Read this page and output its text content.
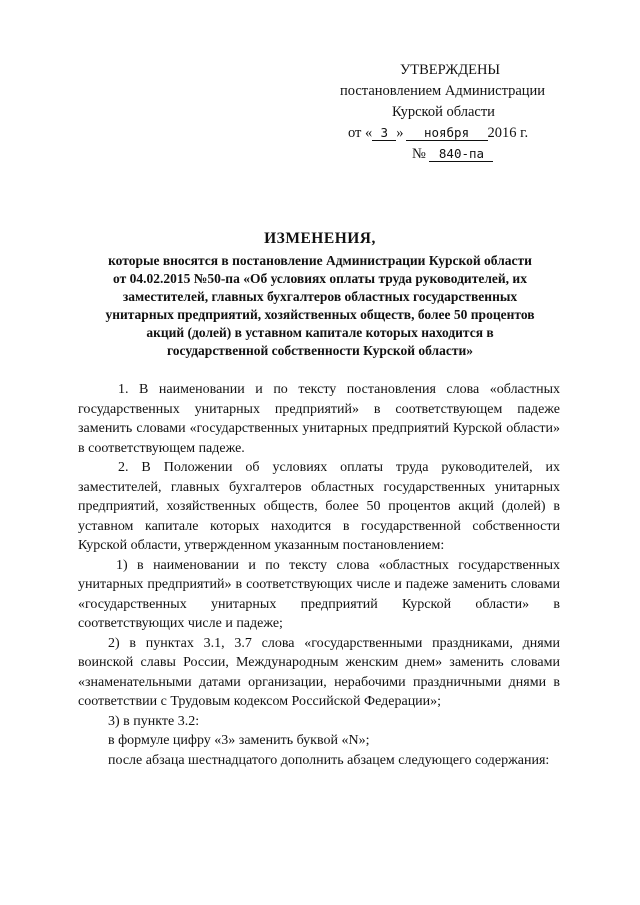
УТВЕРЖДЕНЫ
постановлением Администрации
Курской области
от « 3 » ноября 2016 г.
№ 840-па
ИЗМЕНЕНИЯ,
которые вносятся в постановление Администрации Курской области
от 04.02.2015 №50-па «Об условиях оплаты труда руководителей, их
заместителей, главных бухгалтеров областных государственных
унитарных предприятий, хозяйственных обществ, более 50 процентов
акций (долей) в уставном капитале которых находится в
государственной собственности Курской области»

1. В наименовании и по тексту постановления слова «областных государственных унитарных предприятий» в соответствующем падеже заменить словами «государственных унитарных предприятий Курской области» в соответствующем падеже.

2. В Положении об условиях оплаты труда руководителей, их заместителей, главных бухгалтеров областных государственных унитарных предприятий, хозяйственных обществ, более 50 процентов акций (долей) в уставном капитале которых находится в государственной собственности Курской области, утвержденном указанным постановлением:

1) в наименовании и по тексту слова «областных государственных унитарных предприятий» в соответствующих числе и падеже заменить словами «государственных унитарных предприятий Курской области» в соответствующих числе и падеже;

2) в пунктах 3.1, 3.7 слова «государственными праздниками, днями воинской славы России, Международным женским днем» заменить словами «знаменательными датами организации, нерабочими праздничными днями в соответствии с Трудовым кодексом Российской Федерации»;

3) в пункте 3.2:

в формуле цифру «3» заменить буквой «N»;

после абзаца шестнадцатого дополнить абзацем следующего содержания:
